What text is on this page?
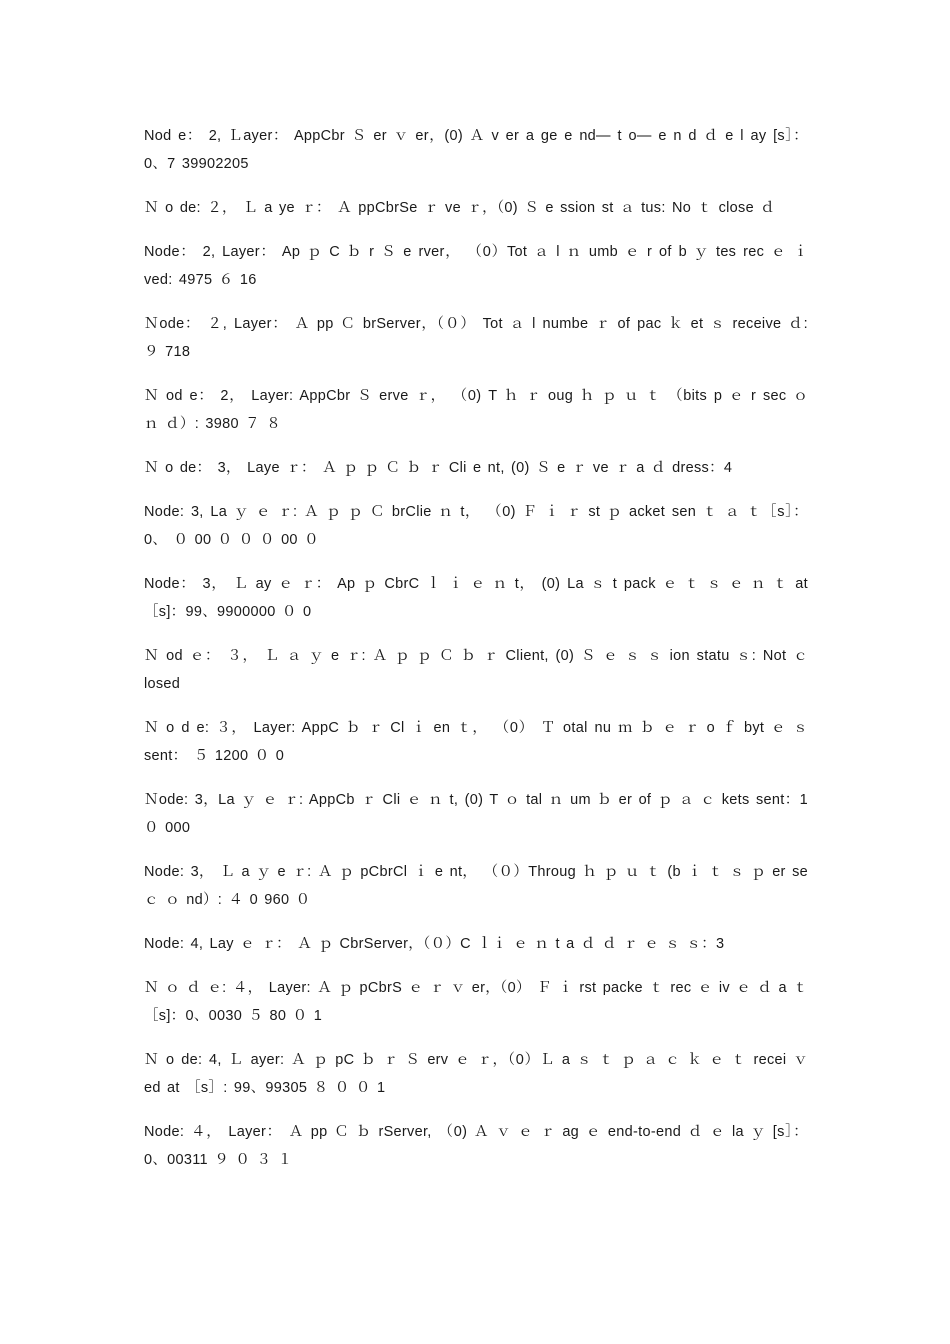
Nod e： 2, Ｌayer： AppCbr Ｓ er ｖ er，(0) Ａ v er a ge e nd— t o— e n d ｄ e l ay [s］：0、7 39902205

Ｎ o de: ２， Ｌ a ye ｒ： Ａ ppCbrSe ｒ ve ｒ，（0) Ｓ e ssion st ａ tus: No ｔ close ｄ

Node： 2, Layer： Ap ｐ C ｂ r Ｓ e rver， （0）Tot ａ l ｎ umb ｅ r of b ｙ tes rec ｅ ｉ ved: 4975 ６ 16

Ｎode： ２, Layer： Ａ pp Ｃ brServer，（０） Tot ａ l numbe ｒ of pac ｋ et ｓ receive ｄ: ９ 718

Ｎ od e： 2， Layer: AppCbr Ｓ erve ｒ， （0) T ｈ ｒ oug ｈ ｐ ｕ ｔ （bits p ｅ r sec ｏ ｎ ｄ）: 3980 ７ ８

Ｎ o de： 3， Laye ｒ： Ａ ｐ ｐ Ｃ ｂ ｒ Cli e nt, (0) Ｓ e ｒ ve ｒ a ｄ dress：4

Node: 3, La ｙ ｅ ｒ: Ａ ｐ ｐ Ｃ brClie ｎ t， （0) Ｆ ｉ ｒ st ｐ acket sen ｔ ａ ｔ［s］：0、 ０ 00 ０ ０ ０ 00 ０

Node： 3， Ｌ ay ｅ ｒ： Ap ｐ CbrC ｌ ｉ ｅ ｎ t， (0) La ｓ t pack ｅ ｔ ｓ ｅ ｎ ｔ at ［s]：99、9900000 ０ 0

Ｎ od ｅ： ３， Ｌ ａ ｙ e ｒ: Ａ ｐ ｐ Ｃ ｂ ｒ Client, (0) Ｓ ｅ ｓ ｓ ion statu ｓ: Not ｃ losed

Ｎ o d e: ３， Layer: AppC ｂ ｒ Cl ｉ en ｔ， （0） Ｔ otal nu ｍ ｂ ｅ ｒ o ｆ byt ｅ ｓ sent： ５ 1200 ０ 0

Ｎode: 3，La ｙ ｅ ｒ: AppCb ｒ Cli ｅ ｎ t, (0) T ｏ tal ｎ um ｂ er of ｐ ａ ｃ kets sent：1 ０ 000

Node: 3， Ｌ a ｙ e ｒ: Ａ ｐ pCbrCl ｉ e nt， （０）Throug ｈ ｐ ｕ ｔ (b ｉ ｔ ｓ ｐ er se ｃ ｏ nd）: ４ 0 960 ０

Node: 4, Lay ｅ ｒ： Ａ ｐ CbrServer，（０）C ｌｉ ｅ ｎ t a ｄ ｄ ｒ ｅ ｓ ｓ：3

Ｎ ｏ ｄ ｅ: ４， Layer: Ａ ｐ pCbrS ｅ ｒ ｖ er，（0） Ｆ ｉ rst packe ｔ rec ｅ iv ｅ ｄ a ｔ ［s]：0、0030 ５ 80 ０ 1

Ｎ o de: 4, Ｌ ayer: Ａ ｐ pC ｂ ｒ Ｓ erv ｅ ｒ，（0）Ｌ a ｓ ｔ ｐ ａ ｃ ｋ ｅ ｔ recei ｖ ed at ［s］: 99、99305 ８ ０ ０ 1

Node: ４， Layer： Ａ pp Ｃ ｂ rServer, （0) Ａ ｖ ｅ ｒ ag ｅ end-to-end ｄ ｅ la ｙ [s］：0、00311 ９ ０ ３ １
